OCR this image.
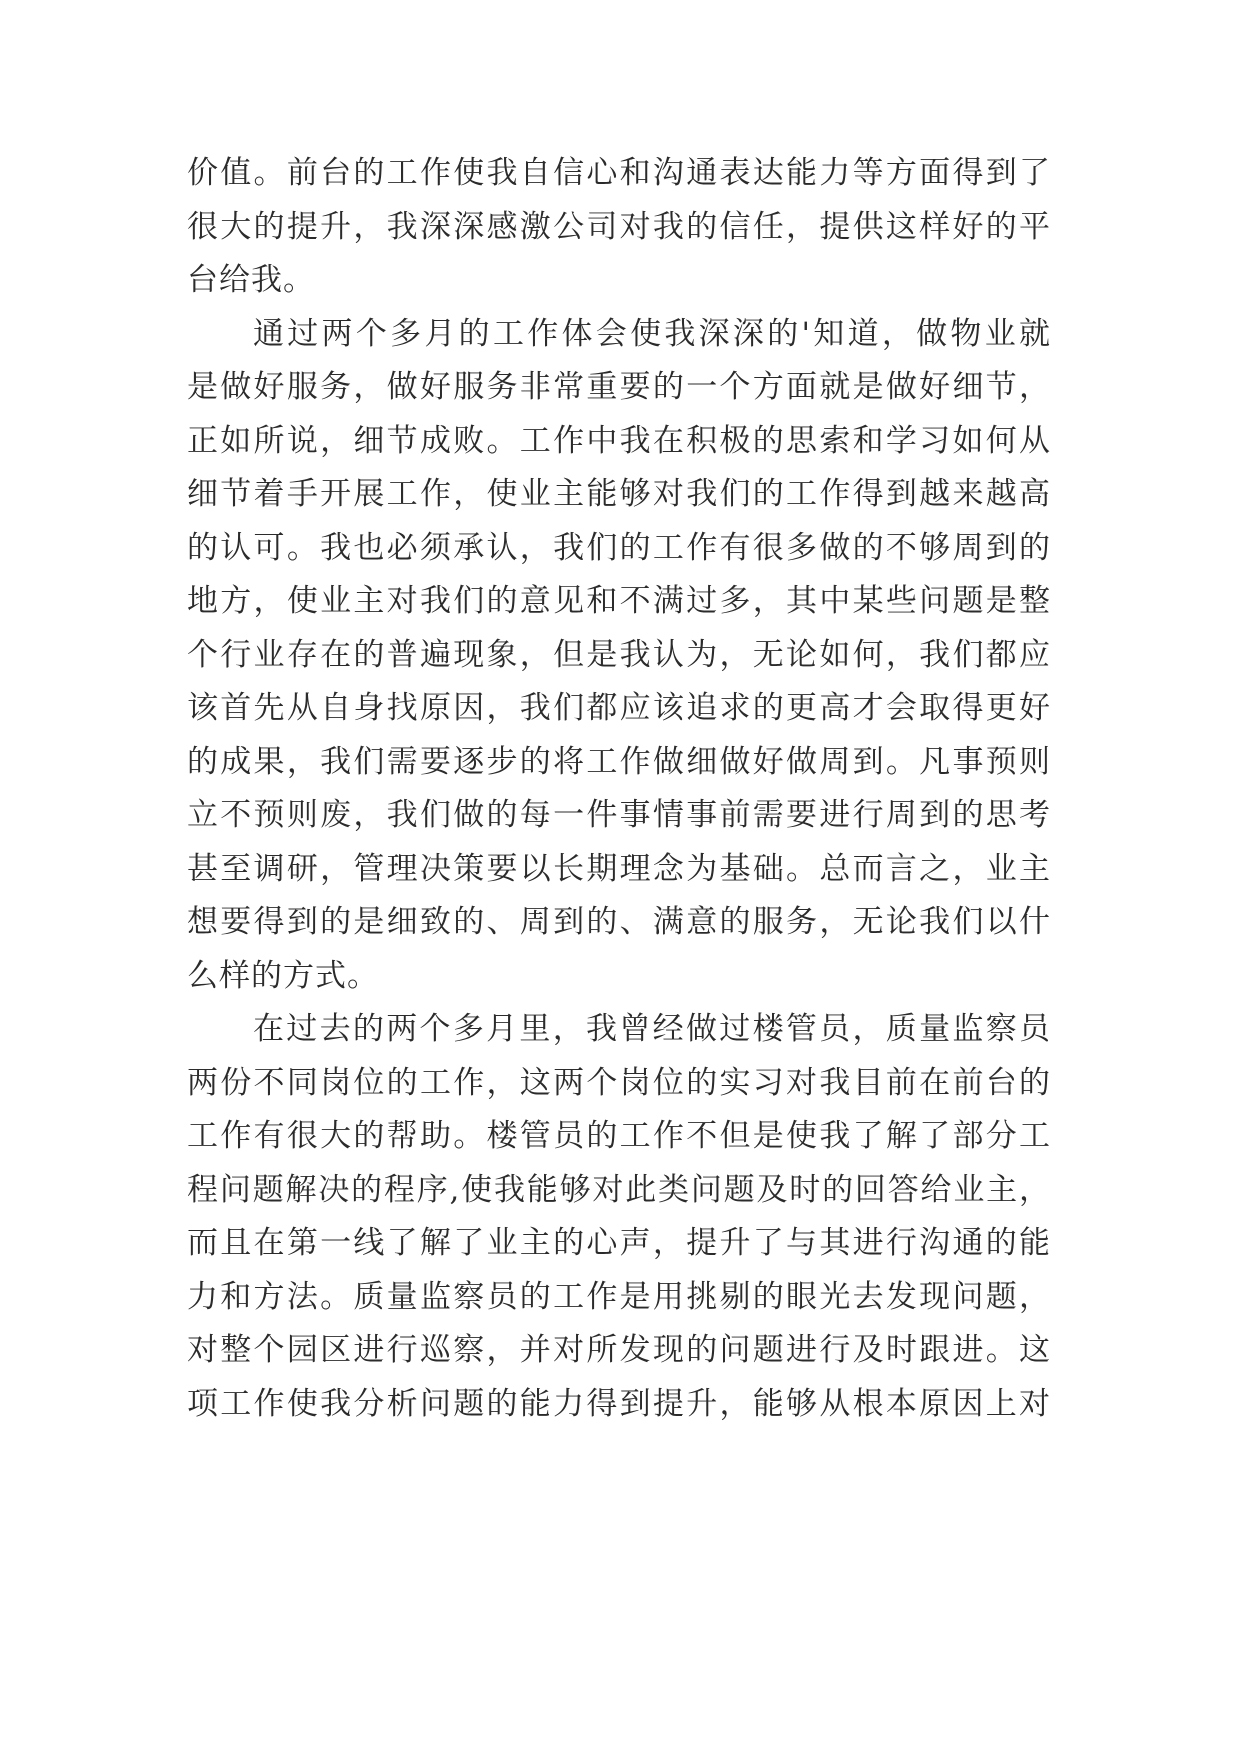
价值。前台的工作使我自信心和沟通表达能力等方面得到了
很大的提升，我深深感激公司对我的信任，提供这样好的平
台给我。
通过两个多月的工作体会使我深深的'知道，做物业就
是做好服务，做好服务非常重要的一个方面就是做好细节，
正如所说，细节成败。工作中我在积极的思索和学习如何从
细节着手开展工作，使业主能够对我们的工作得到越来越高
的认可。我也必须承认，我们的工作有很多做的不够周到的
地方，使业主对我们的意见和不满过多，其中某些问题是整
个行业存在的普遍现象，但是我认为，无论如何，我们都应
该首先从自身找原因，我们都应该追求的更高才会取得更好
的成果，我们需要逐步的将工作做细做好做周到。凡事预则
立不预则废，我们做的每一件事情事前需要进行周到的思考
甚至调研，管理决策要以长期理念为基础。总而言之，业主
想要得到的是细致的、周到的、满意的服务，无论我们以什
么样的方式。
在过去的两个多月里，我曾经做过楼管员，质量监察员
两份不同岗位的工作，这两个岗位的实习对我目前在前台的
工作有很大的帮助。楼管员的工作不但是使我了解了部分工
程问题解决的程序,使我能够对此类问题及时的回答给业主，
而且在第一线了解了业主的心声，提升了与其进行沟通的能
力和方法。质量监察员的工作是用挑剔的眼光去发现问题，
对整个园区进行巡察，并对所发现的问题进行及时跟进。这
项工作使我分析问题的能力得到提升，能够从根本原因上对
